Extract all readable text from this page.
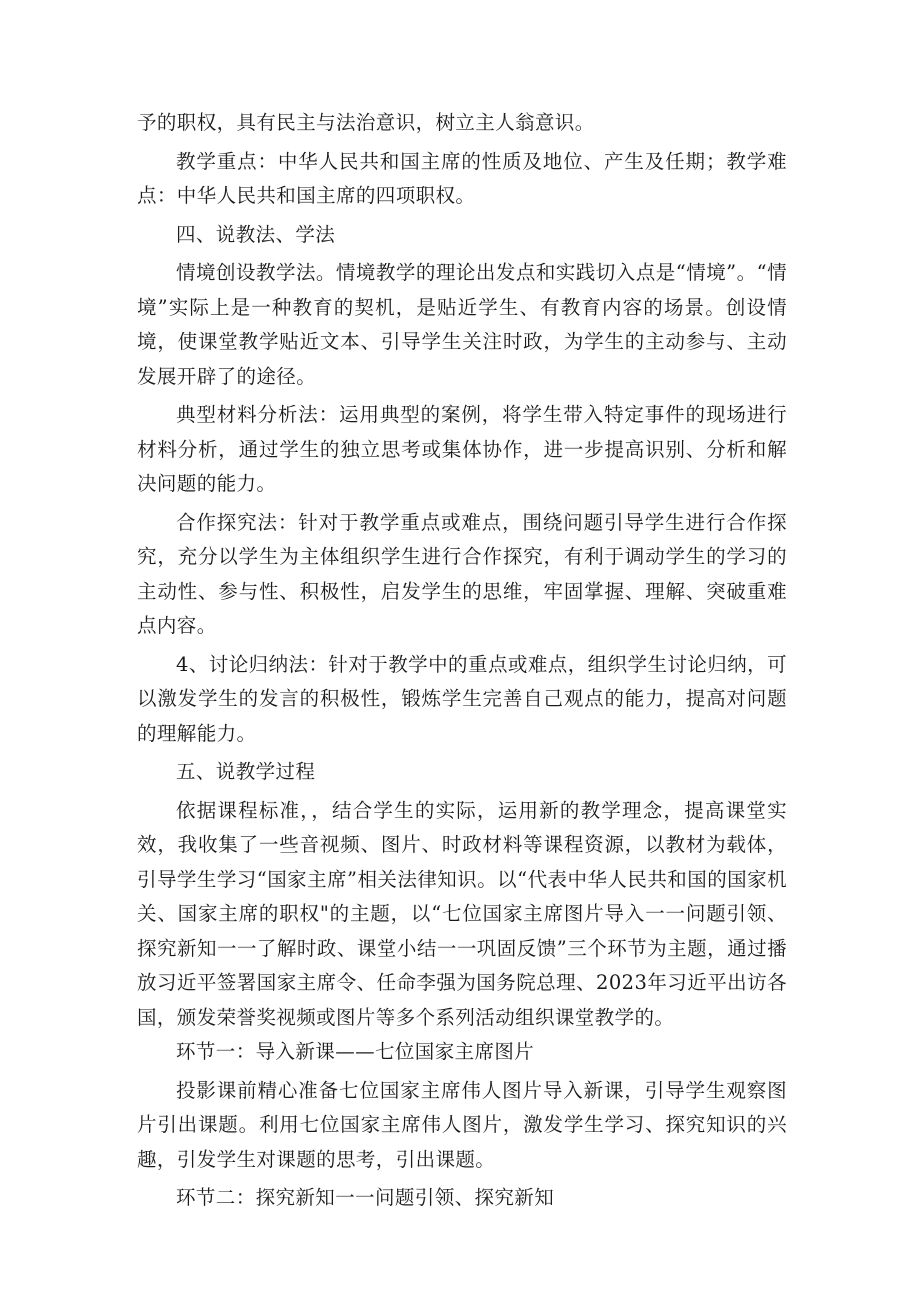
予的职权，具有民主与法治意识，树立主人翁意识。

教学重点：中华人民共和国主席的性质及地位、产生及任期；教学难点：中华人民共和国主席的四项职权。

四、说教法、学法

情境创设教学法。情境教学的理论出发点和实践切入点是“情境”。“情境”实际上是一种教育的契机，是贴近学生、有教育内容的场景。创设情境，使课堂教学贴近文本、引导学生关注时政，为学生的主动参与、主动发展开辟了的途径。

典型材料分析法：运用典型的案例，将学生带入特定事件的现场进行材料分析，通过学生的独立思考或集体协作，进一步提高识别、分析和解决问题的能力。

合作探究法：针对于教学重点或难点，围绕问题引导学生进行合作探究，充分以学生为主体组织学生进行合作探究，有利于调动学生的学习的主动性、参与性、积极性，启发学生的思维，牢固掌握、理解、突破重难点内容。

4、讨论归纳法：针对于教学中的重点或难点，组织学生讨论归纳，可以激发学生的发言的积极性，锻炼学生完善自己观点的能力，提高对问题的理解能力。

五、说教学过程

依据课程标准，，结合学生的实际，运用新的教学理念，提高课堂实效，我收集了一些音视频、图片、时政材料等课程资源，以教材为载体，引导学生学习“国家主席”相关法律知识。以“代表中华人民共和国的国家机关、国家主席的职权"的主题，以“七位国家主席图片导入一一问题引领、探究新知一一了解时政、课堂小结一一巩固反馈”三个环节为主题，通过播放习近平签署国家主席令、任命李强为国务院总理、2023年习近平出访各国，颁发荣誉奖视频或图片等多个系列活动组织课堂教学的。

环节一：导入新课——七位国家主席图片

投影课前精心准备七位国家主席伟人图片导入新课，引导学生观察图片引出课题。利用七位国家主席伟人图片，激发学生学习、探究知识的兴趣，引发学生对课题的思考，引出课题。

环节二：探究新知一一问题引领、探究新知
